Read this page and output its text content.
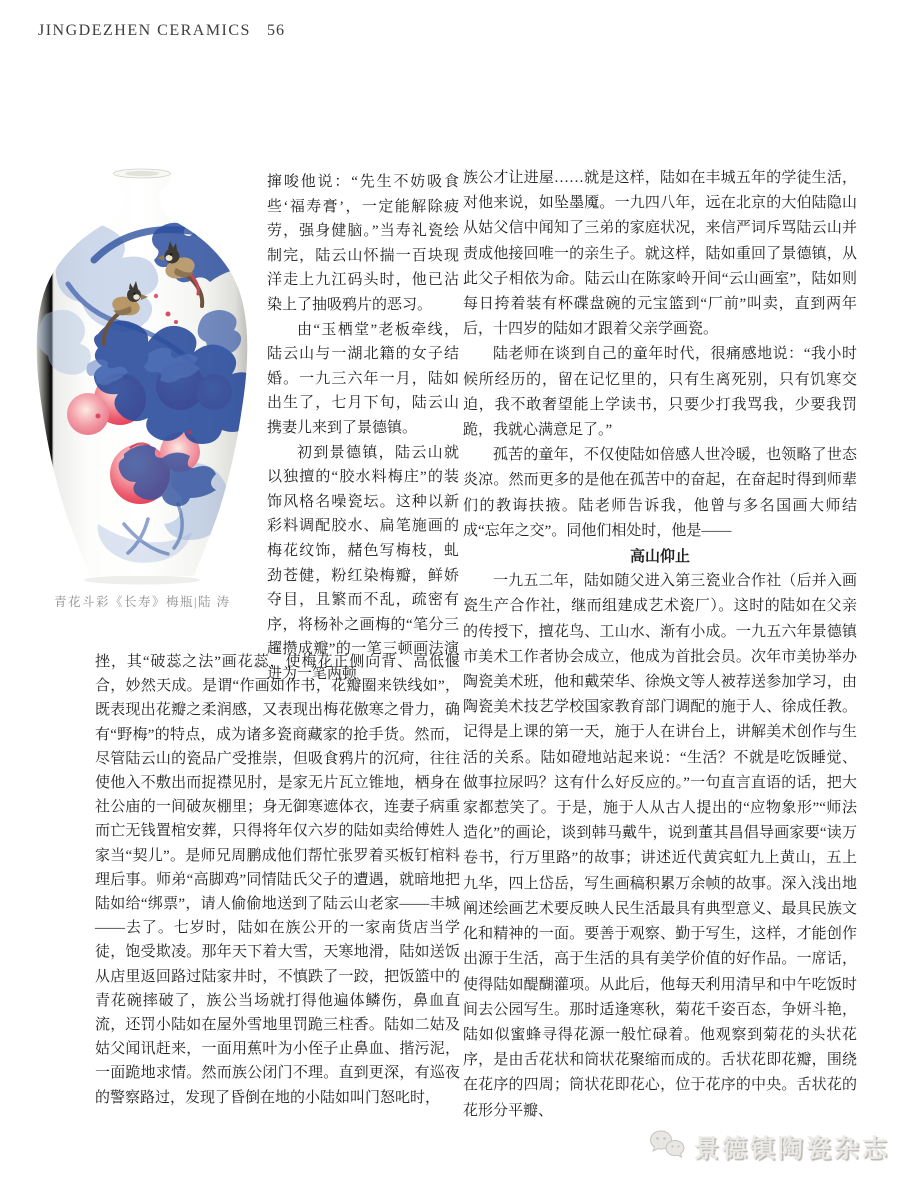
JINGDEZHEN CERAMICS 56
青花斗彩《长寿》梅瓶|陆 涛

撺唆他说：“先生不妨吸食些‘福寿膏’，一定能解除疲劳，强身健脑。”当寿礼瓷绘制完，陆云山怀揣一百块现洋走上九江码头时，他已沾染上了抽吸鸦片的恶习。

由“玉栖堂”老板牵线，陆云山与一湖北籍的女子结婚。一九三六年一月，陆如出生了，七月下旬，陆云山携妻儿来到了景德镇。

初到景德镇，陆云山就以独擅的“胶水料梅庄”的装饰风格名噪瓷坛。这种以新彩料调配胶水、扁笔施画的梅花纹饰，赭色写梅枝，虬劲苍健，粉红染梅瓣，鲜娇夺目，且繁而不乱，疏密有序，将杨补之画梅的“笔分三趯攒成瓣”的一笔三顿画法演进为一笔两顿

挫，其“破蕊之法”画花蕊，使梅花正侧向背、高低偃合，妙然天成。是谓“作画如作书，花瓣圈来铁线如”，既表现出花瓣之柔润感，又表现出梅花傲寒之骨力，确有“野梅”的特点，成为诸多瓷商藏家的抢手货。然而，尽管陆云山的瓷品广受推崇，但吸食鸦片的沉疴，往往使他入不敷出而捉襟见肘，是家无片瓦立锥地，栖身在社公庙的一间破灰棚里；身无御寒遮体衣，连妻子病重而亡无钱置棺安葬，只得将年仅六岁的陆如卖给傅姓人家当“契儿”。是师兄周鹏成他们帮忙张罗着买板钉棺料理后事。师弟“高脚鸡”同情陆氏父子的遭遇，就暗地把陆如给“绑票”，请人偷偷地送到了陆云山老家——丰城——去了。七岁时，陆如在族公开的一家南货店当学徒，饱受欺凌。那年天下着大雪，天寒地滑，陆如送饭从店里返回路过陆家井时，不慎跌了一跤，把饭篮中的青花碗摔破了，族公当场就打得他遍体鳞伤，鼻血直流，还罚小陆如在屋外雪地里罚跪三柱香。陆如二姑及姑父闻讯赶来，一面用蕉叶为小侄子止鼻血、揩污泥，一面跪地求情。然而族公闭门不理。直到更深，有巡夜的警察路过，发现了昏倒在地的小陆如叫门怒叱时，

族公才让进屋……就是这样，陆如在丰城五年的学徒生活，对他来说，如坠墨魇。一九四八年，远在北京的大伯陆隐山从姑父信中闻知了三弟的家庭状况，来信严词斥骂陆云山并责成他接回唯一的亲生子。就这样，陆如重回了景德镇，从此父子相依为命。陆云山在陈家岭开间“云山画室”，陆如则每日挎着装有杯碟盘碗的元宝篮到“厂前”叫卖，直到两年后，十四岁的陆如才跟着父亲学画瓷。

陆老师在谈到自己的童年时代，很痛感地说：“我小时候所经历的，留在记忆里的，只有生离死别，只有饥寒交迫，我不敢奢望能上学读书，只要少打我骂我，少要我罚跪，我就心满意足了。”

孤苦的童年，不仅使陆如倍感人世冷暖，也领略了世态炎凉。然而更多的是他在孤苦中的奋起，在奋起时得到师辈们的教诲扶掖。陆老师告诉我，他曾与多名国画大师结成“忘年之交”。同他们相处时，他是——

高山仰止

一九五二年，陆如随父进入第三瓷业合作社（后并入画瓷生产合作社，继而组建成艺术瓷厂）。这时的陆如在父亲的传授下，擅花鸟、工山水、渐有小成。一九五六年景德镇市美术工作者协会成立，他成为首批会员。次年市美协举办陶瓷美术班，他和戴荣华、徐焕文等人被荐送参加学习，由陶瓷美术技艺学校国家教育部门调配的施于人、徐成任教。记得是上课的第一天，施于人在讲台上，讲解美术创作与生活的关系。陆如磴地站起来说：“生活？不就是吃饭睡觉、做事拉尿吗？这有什么好反应的。”一句直言直语的话，把大家都惹笑了。于是，施于人从古人提出的“应物象形”“师法造化”的画论，谈到韩马戴牛，说到董其昌倡导画家要“读万卷书，行万里路”的故事；讲述近代黄宾虹九上黄山，五上九华，四上岱岳，写生画稿积累万余帧的故事。深入浅出地阐述绘画艺术要反映人民生活最具有典型意义、最具民族文化和精神的一面。要善于观察、勤于写生，这样，才能创作出源于生活，高于生活的具有美学价值的好作品。一席话，使得陆如醍醐灌项。从此后，他每天利用清早和中午吃饭时间去公园写生。那时适逢寒秋，菊花千姿百态，争妍斗艳，陆如似蜜蜂寻得花源一般忙碌着。他观察到菊花的头状花序，是由舌花状和筒状花聚缩而成的。舌状花即花瓣，围绕在花序的四周；筒状花即花心，位于花序的中央。舌状花的花形分平瓣、

景德镇陶瓷杂志
